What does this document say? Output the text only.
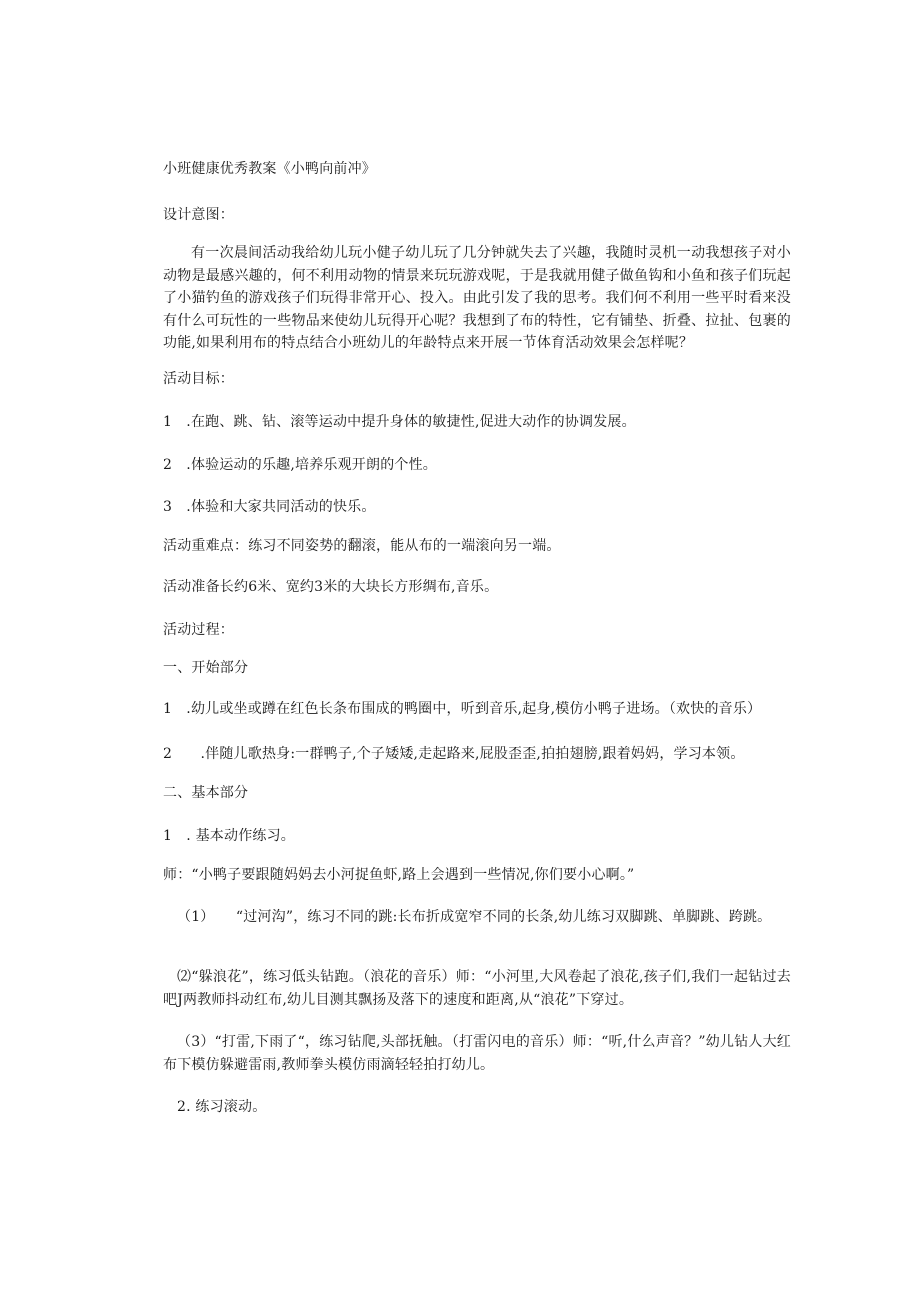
小班健康优秀教案《小鸭向前冲》
设计意图：
有一次晨间活动我给幼儿玩小健子幼儿玩了几分钟就失去了兴趣，我随时灵机一动我想孩子对小动物是最感兴趣的，何不利用动物的情景来玩玩游戏呢，于是我就用健子做鱼钩和小鱼和孩子们玩起了小猫钓鱼的游戏孩子们玩得非常开心、投入。由此引发了我的思考。我们何不利用一些平时看来没有什么可玩性的一些物品来使幼儿玩得开心呢？我想到了布的特性，它有铺垫、折叠、拉扯、包裹的功能,如果利用布的特点结合小班幼儿的年龄特点来开展一节体育活动效果会怎样呢？
活动目标：
1　.在跑、跳、钻、滚等运动中提升身体的敏捷性,促进大动作的协调发展。
2　.体验运动的乐趣,培养乐观开朗的个性。
3　.体验和大家共同活动的快乐。
活动重难点：练习不同姿势的翻滚，能从布的一端滚向另一端。
活动准备长约6米、宽约3米的大块长方形绸布,音乐。
活动过程：
一、开始部分
1　.幼儿或坐或蹲在红色长条布围成的鸭圈中，听到音乐,起身,模仿小鸭子进场。（欢快的音乐）
2　　.伴随儿歌热身:一群鸭子,个子矮矮,走起路来,屁股歪歪,拍拍翅膀,跟着妈妈，学习本领。
二、基本部分
1　. 基本动作练习。
师：“小鸭子要跟随妈妈去小河捉鱼虾,路上会遇到一些情况,你们要小心啊。”
（1）　　“过河沟”，练习不同的跳:长布折成宽窄不同的长条,幼儿练习双脚跳、单脚跳、跨跳。
⑵“躲浪花”，练习低头钻跑。（浪花的音乐）师：“小河里,大风卷起了浪花,孩子们,我们一起钻过去吧J两教师抖动红布,幼儿目测其飘扬及落下的速度和距离,从“浪花”下穿过。
（3）“打雷,下雨了“，练习钻爬,头部抚触。（打雷闪电的音乐）师：“听,什么声音？”幼儿钻人大红布下模仿躲避雷雨,教师拳头模仿雨滴轻轻拍打幼儿。
2. 练习滚动。
